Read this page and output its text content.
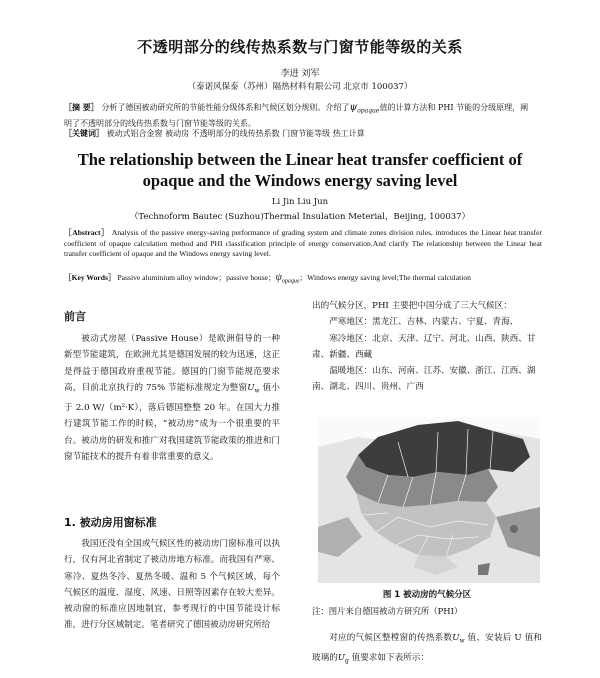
不透明部分的线传热系数与门窗节能等级的关系
李进 刘军
（泰诺风保泰（苏州）隔热材料有限公司 北京市 100037）
［摘 要］ 分析了德国被动研究所的节能性能分级体系和气候区划分规则。介绍了$\psi_{opaque}$值的计算方法和 PHI 节能的分级原理，阐明了不透明部分的线传热系数与门窗节能等级的关系。
［关键词］ 被动式铝合金窗 被动房 不透明部分的线传热系数 门窗节能等级 热工计算
The relationship between the Linear heat transfer coefficient of opaque and the Windows energy saving level
Li Jin Liu Jun
（Technoform Bautec (Suzhou)Thermal Insulation Meterial，Beijing, 100037）
［Abstract］ Analysis of the passive energy-saving performance of grading system and climate zones division rules, introduces the Linear heat transfer coefficient of opaque calculation method and PHI classification principle of energy conservation.And clarify The relationship between the Linear heat transfer coefficient of opaque and the Windows energy saving level.
［Key Words］ Passive aluminium alloy window；passive house；$\psi_{opaque}$；Windows energy saving level;The thermal calculation
前言

被动式房屋（Passive House）是欧洲倡导的一种新型节能建筑，在欧洲尤其是德国发展的较为迅速，这正是得益于德国政府重视节能。德国的门窗节能规范要求高，目前北京执行的 75% 节能标准规定为整窗$U_w$ 值小于 2.0 W/（m²·K），落后德国整整 20 年。在国大力推行建筑节能工作的时候，“被动房”成为一个很重要的平台。被动房的研发和推广对我国建筑节能政策的推进和门窗节能技术的提升有着非常重要的意义。

1. 被动房用窗标准

我国还没有全国或气候区性的被动房门窗标准可以执行，仅有河北省制定了被动房地方标准。而我国有严寒、寒冷、夏热冬冷、夏热冬暖、温和 5 个气候区域，每个气候区的温度、湿度、风速、日照等因素存在较大差异。被动窗的标准应因地制宜，参考现行的中国节能设计标准，进行分区域制定。笔者研究了德国被动房研究所给

出的气候分区，PHI 主要把中国分成了三大气候区：

严寒地区：黑龙江、吉林、内蒙古、宁夏、青海、

寒冷地区：北京、天津、辽宁、河北、山西、陕西、甘肃、新疆、西藏

温暖地区：山东、河南、江苏、安徽、浙江、江西、湖南、湖北、四川、贵州、广西

图 1 被动房的气候分区
注：图片来自德国被动方研究所（PHI）

对应的气候区整樘窗的传热系数$U_w$ 值、安装后 U 值和玻璃的$U_g$ 值要求如下表所示：
